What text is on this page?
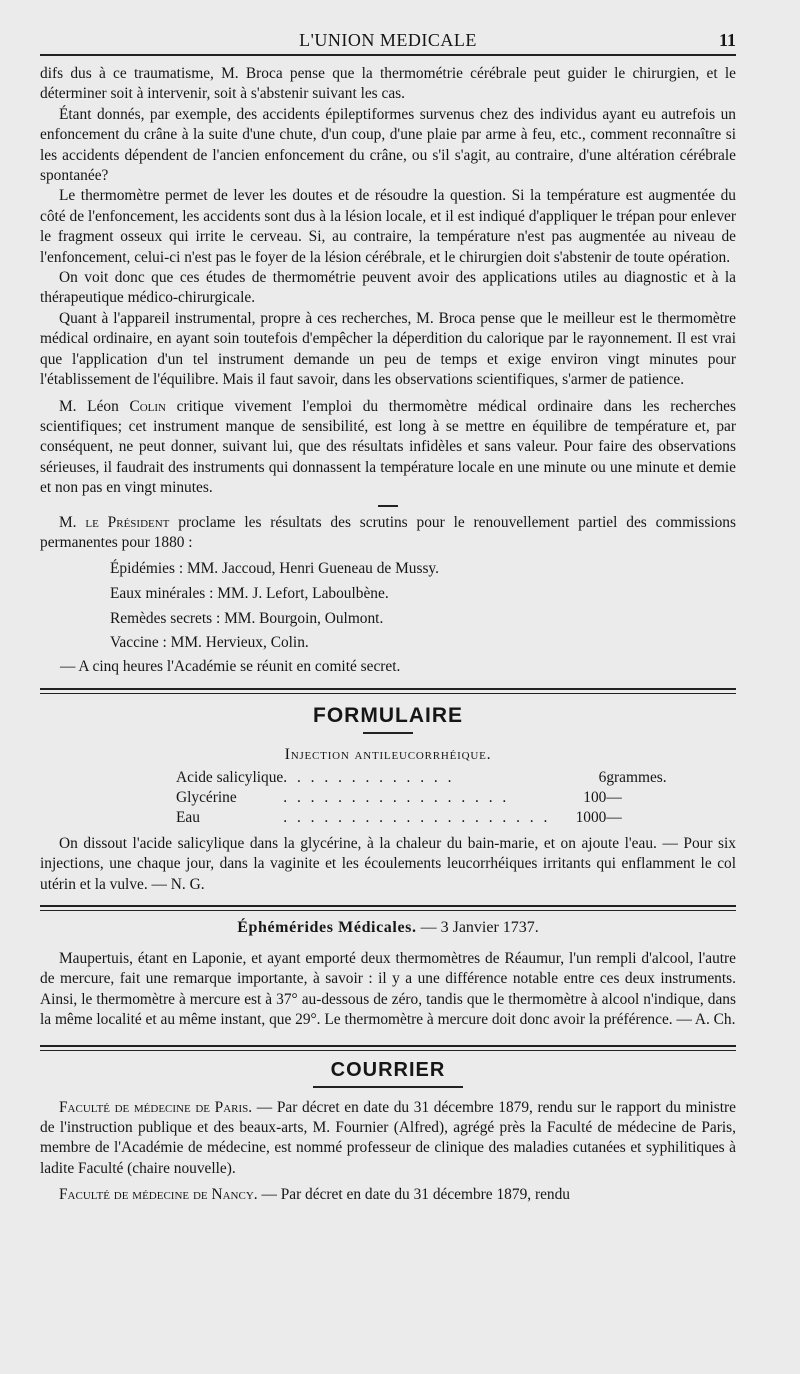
L'UNION MEDICALE	11

difs dus à ce traumatisme, M. Broca pense que la thermométrie cérébrale peut guider le chirurgien, et le déterminer soit à intervenir, soit à s'abstenir suivant les cas.

Étant donnés, par exemple, des accidents épileptiformes survenus chez des individus ayant eu autrefois un enfoncement du crâne à la suite d'une chute, d'un coup, d'une plaie par arme à feu, etc., comment reconnaître si les accidents dépendent de l'ancien enfoncement du crâne, ou s'il s'agit, au contraire, d'une altération cérébrale spontanée?

Le thermomètre permet de lever les doutes et de résoudre la question. Si la température est augmentée du côté de l'enfoncement, les accidents sont dus à la lésion locale, et il est indiqué d'appliquer le trépan pour enlever le fragment osseux qui irrite le cerveau. Si, au contraire, la température n'est pas augmentée au niveau de l'enfoncement, celui-ci n'est pas le foyer de la lésion cérébrale, et le chirurgien doit s'abstenir de toute opération.

On voit donc que ces études de thermométrie peuvent avoir des applications utiles au diagnostic et à la thérapeutique médico-chirurgicale.

Quant à l'appareil instrumental, propre à ces recherches, M. Broca pense que le meilleur est le thermomètre médical ordinaire, en ayant soin toutefois d'empêcher la déperdition du calorique par le rayonnement. Il est vrai que l'application d'un tel instrument demande un peu de temps et exige environ vingt minutes pour l'établissement de l'équilibre. Mais il faut savoir, dans les observations scientifiques, s'armer de patience.

M. Léon Colin critique vivement l'emploi du thermomètre médical ordinaire dans les recherches scientifiques; cet instrument manque de sensibilité, est long à se mettre en équilibre de température et, par conséquent, ne peut donner, suivant lui, que des résultats infidèles et sans valeur. Pour faire des observations sérieuses, il faudrait des instruments qui donnassent la température locale en une minute ou une minute et demie et non pas en vingt minutes.

M. le Président proclame les résultats des scrutins pour le renouvellement partiel des commissions permanentes pour 1880 :

Épidémies : MM. Jaccoud, Henri Gueneau de Mussy.
Eaux minérales : MM. J. Lefort, Laboulbène.
Remèdes secrets : MM. Bourgoin, Oulmont.
Vaccine : MM. Hervieux, Colin.
— A cinq heures l'Académie se réunit en comité secret.
FORMULAIRE
Injection antileucorrhéique.
Acide salicylique	. . . . . . . . . . . . .	6	grammes.
Glycérine	. . . . . . . . . . . . . . . . .	100	—
Eau	. . . . . . . . . . . . . . . . . . . .	1000	—

On dissout l'acide salicylique dans la glycérine, à la chaleur du bain-marie, et on ajoute l'eau. — Pour six injections, une chaque jour, dans la vaginite et les écoulements leucorrhéiques irritants qui enflamment le col utérin et la vulve. — N. G.

Éphémérides Médicales. — 3 Janvier 1737.

Maupertuis, étant en Laponie, et ayant emporté deux thermomètres de Réaumur, l'un rempli d'alcool, l'autre de mercure, fait une remarque importante, à savoir : il y a une différence notable entre ces deux instruments. Ainsi, le thermomètre à mercure est à 37° au-dessous de zéro, tandis que le thermomètre à alcool n'indique, dans la même localité et au même instant, que 29°. Le thermomètre à mercure doit donc avoir la préférence. — A. Ch.

COURRIER

Faculté de médecine de Paris. — Par décret en date du 31 décembre 1879, rendu sur le rapport du ministre de l'instruction publique et des beaux-arts, M. Fournier (Alfred), agrégé près la Faculté de médecine de Paris, membre de l'Académie de médecine, est nommé professeur de clinique des maladies cutanées et syphilitiques à ladite Faculté (chaire nouvelle).

Faculté de médecine de Nancy. — Par décret en date du 31 décembre 1879, rendu
